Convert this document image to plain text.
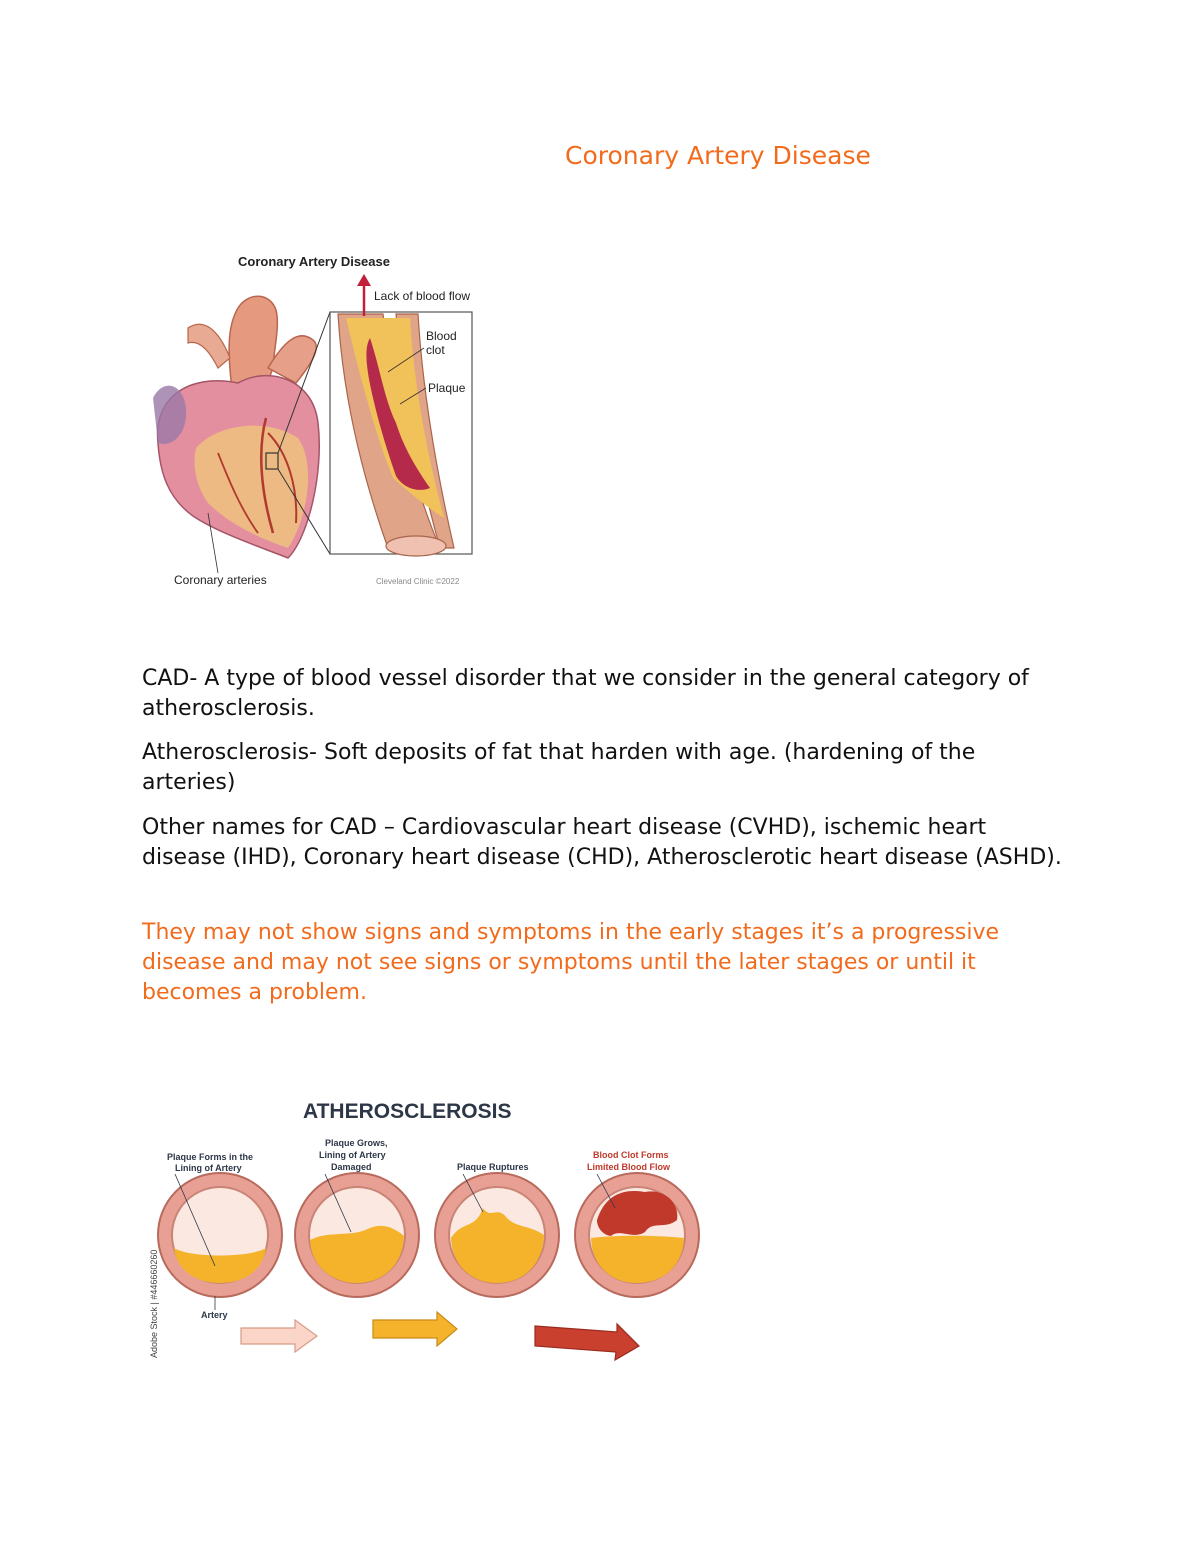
Coronary Artery Disease
Coronary Artery Disease
Lack of blood flow
Blood
clot
Plaque
Coronary arteries	Cleveland Clinic ©2022

CAD- A type of blood vessel disorder that we consider in the general category of atherosclerosis.

Atherosclerosis- Soft deposits of fat that harden with age. (hardening of the arteries)

Other names for CAD – Cardiovascular heart disease (CVHD), ischemic heart disease (IHD), Coronary heart disease (CHD), Atherosclerotic heart disease (ASHD).

They may not show signs and symptoms in the early stages it’s a progressive disease and may not see signs or symptoms until the later stages or until it becomes a problem.

ATHEROSCLEROSIS
Plaque Forms in the
Lining of Artery
Plaque Grows,
Lining of Artery
Damaged	Plaque Ruptures
Blood Clot Forms
Limited Blood Flow
Artery
Adobe Stock | #446660260
